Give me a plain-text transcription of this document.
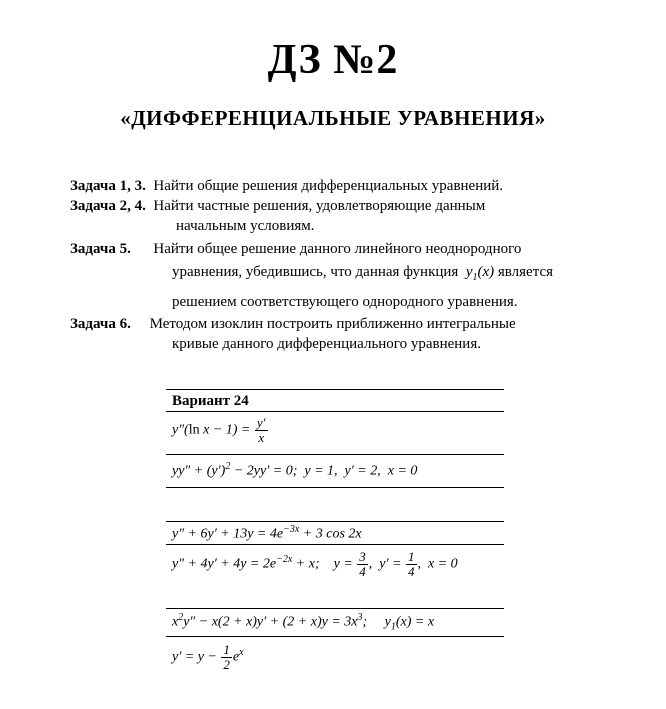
ДЗ №2
«ДИФФЕРЕНЦИАЛЬНЫЕ УРАВНЕНИЯ»
Задача 1, 3. Найти общие решения дифференциальных уравнений.
Задача 2, 4. Найти частные решения, удовлетворяющие данным
начальным условиям.
Задача 5. Найти общее решение данного линейного неоднородного
уравнения, убедившись, что данная функция $y_1(x)$ является
решением соответствующего однородного уравнения.
Задача 6. Методом изоклин построить приближенно интегральные
кривые данного дифференциального уравнения.
Вариант 24
y″(ln $x - 1) = \frac{y'}{x}$
$yy'' + (y')^2 - 2yy' = 0$;  y = 1,  y′ = 2,  x = 0
$y'' + 6y' + 13y = 4e^{-3x} + 3$ cos 2x
$y'' + 4y' + 4y = 2e^{-2x} + x$;    $y = \frac{3}{4}$ ,  $y' = \frac{1}{4}$ ,  x = 0
$x^2y'' - x(2 + x)y' + (2 + x)y = 3x^3$;     $y_1(x) = x$
$y' = y - \frac{1}{2} e^x$
